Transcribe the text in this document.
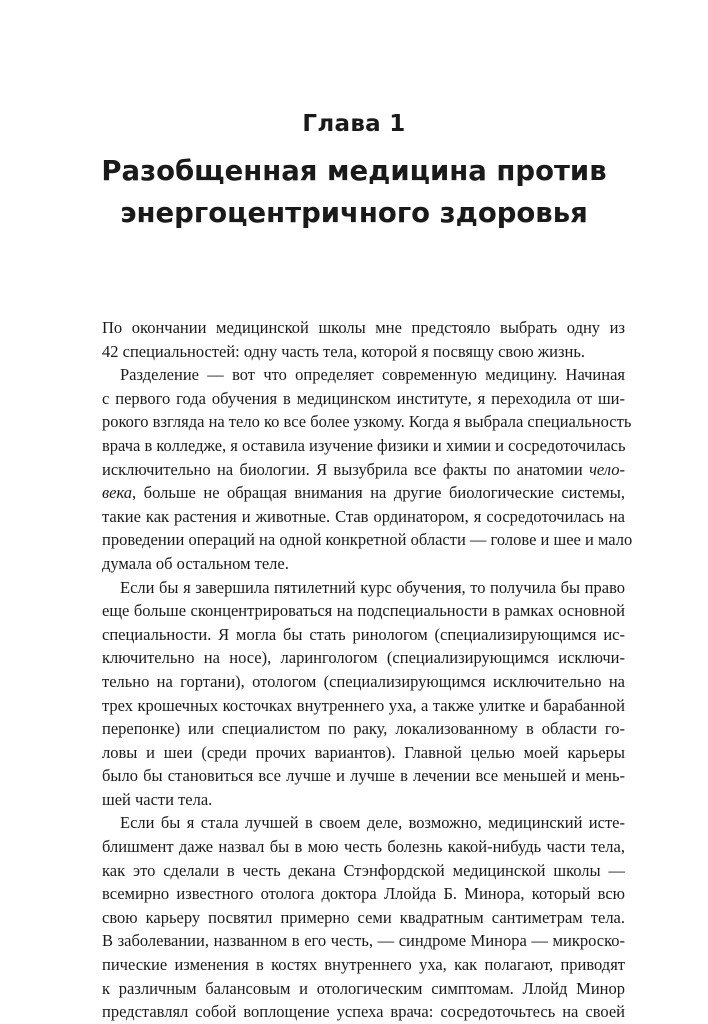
Глава 1
Разобщенная медицина против
энергоцентричного здоровья
По окончании медицинской школы мне предстояло выбрать одну из
42 специальностей: одну часть тела, которой я посвящу свою жизнь.
Разделение — вот что определяет современную медицину. Начиная
с первого года обучения в медицинском институте, я переходила от ши-
рокого взгляда на тело ко все более узкому. Когда я выбрала специальность
врача в колледже, я оставила изучение физики и химии и сосредоточилась
исключительно на биологии. Я вызубрила все факты по анатомии чело-
века, больше не обращая внимания на другие биологические системы,
такие как растения и животные. Став ординатором, я сосредоточилась на
проведении операций на одной конкретной области — голове и шее и мало
думала об остальном теле.
Если бы я завершила пятилетний курс обучения, то получила бы право
еще больше сконцентрироваться на подспециальности в рамках основной
специальности. Я могла бы стать ринологом (специализирующимся ис-
ключительно на носе), ларингологом (специализирующимся исключи-
тельно на гортани), отологом (специализирующимся исключительно на
трех крошечных косточках внутреннего уха, а также улитке и барабанной
перепонке) или специалистом по раку, локализованному в области го-
ловы и шеи (среди прочих вариантов). Главной целью моей карьеры
было бы становиться все лучше и лучше в лечении все меньшей и мень-
шей части тела.
Если бы я стала лучшей в своем деле, возможно, медицинский исте-
блишмент даже назвал бы в мою честь болезнь какой-нибудь части тела,
как это сделали в честь декана Стэнфордской медицинской школы —
всемирно известного отолога доктора Ллойда Б. Минора, который всю
свою карьеру посвятил примерно семи квадратным сантиметрам тела.
В заболевании, названном в его честь, — синдроме Минора — микроско-
пические изменения в костях внутреннего уха, как полагают, приводят
к различным балансовым и отологическим симптомам. Ллойд Минор
представлял собой воплощение успеха врача: сосредоточьтесь на своей
